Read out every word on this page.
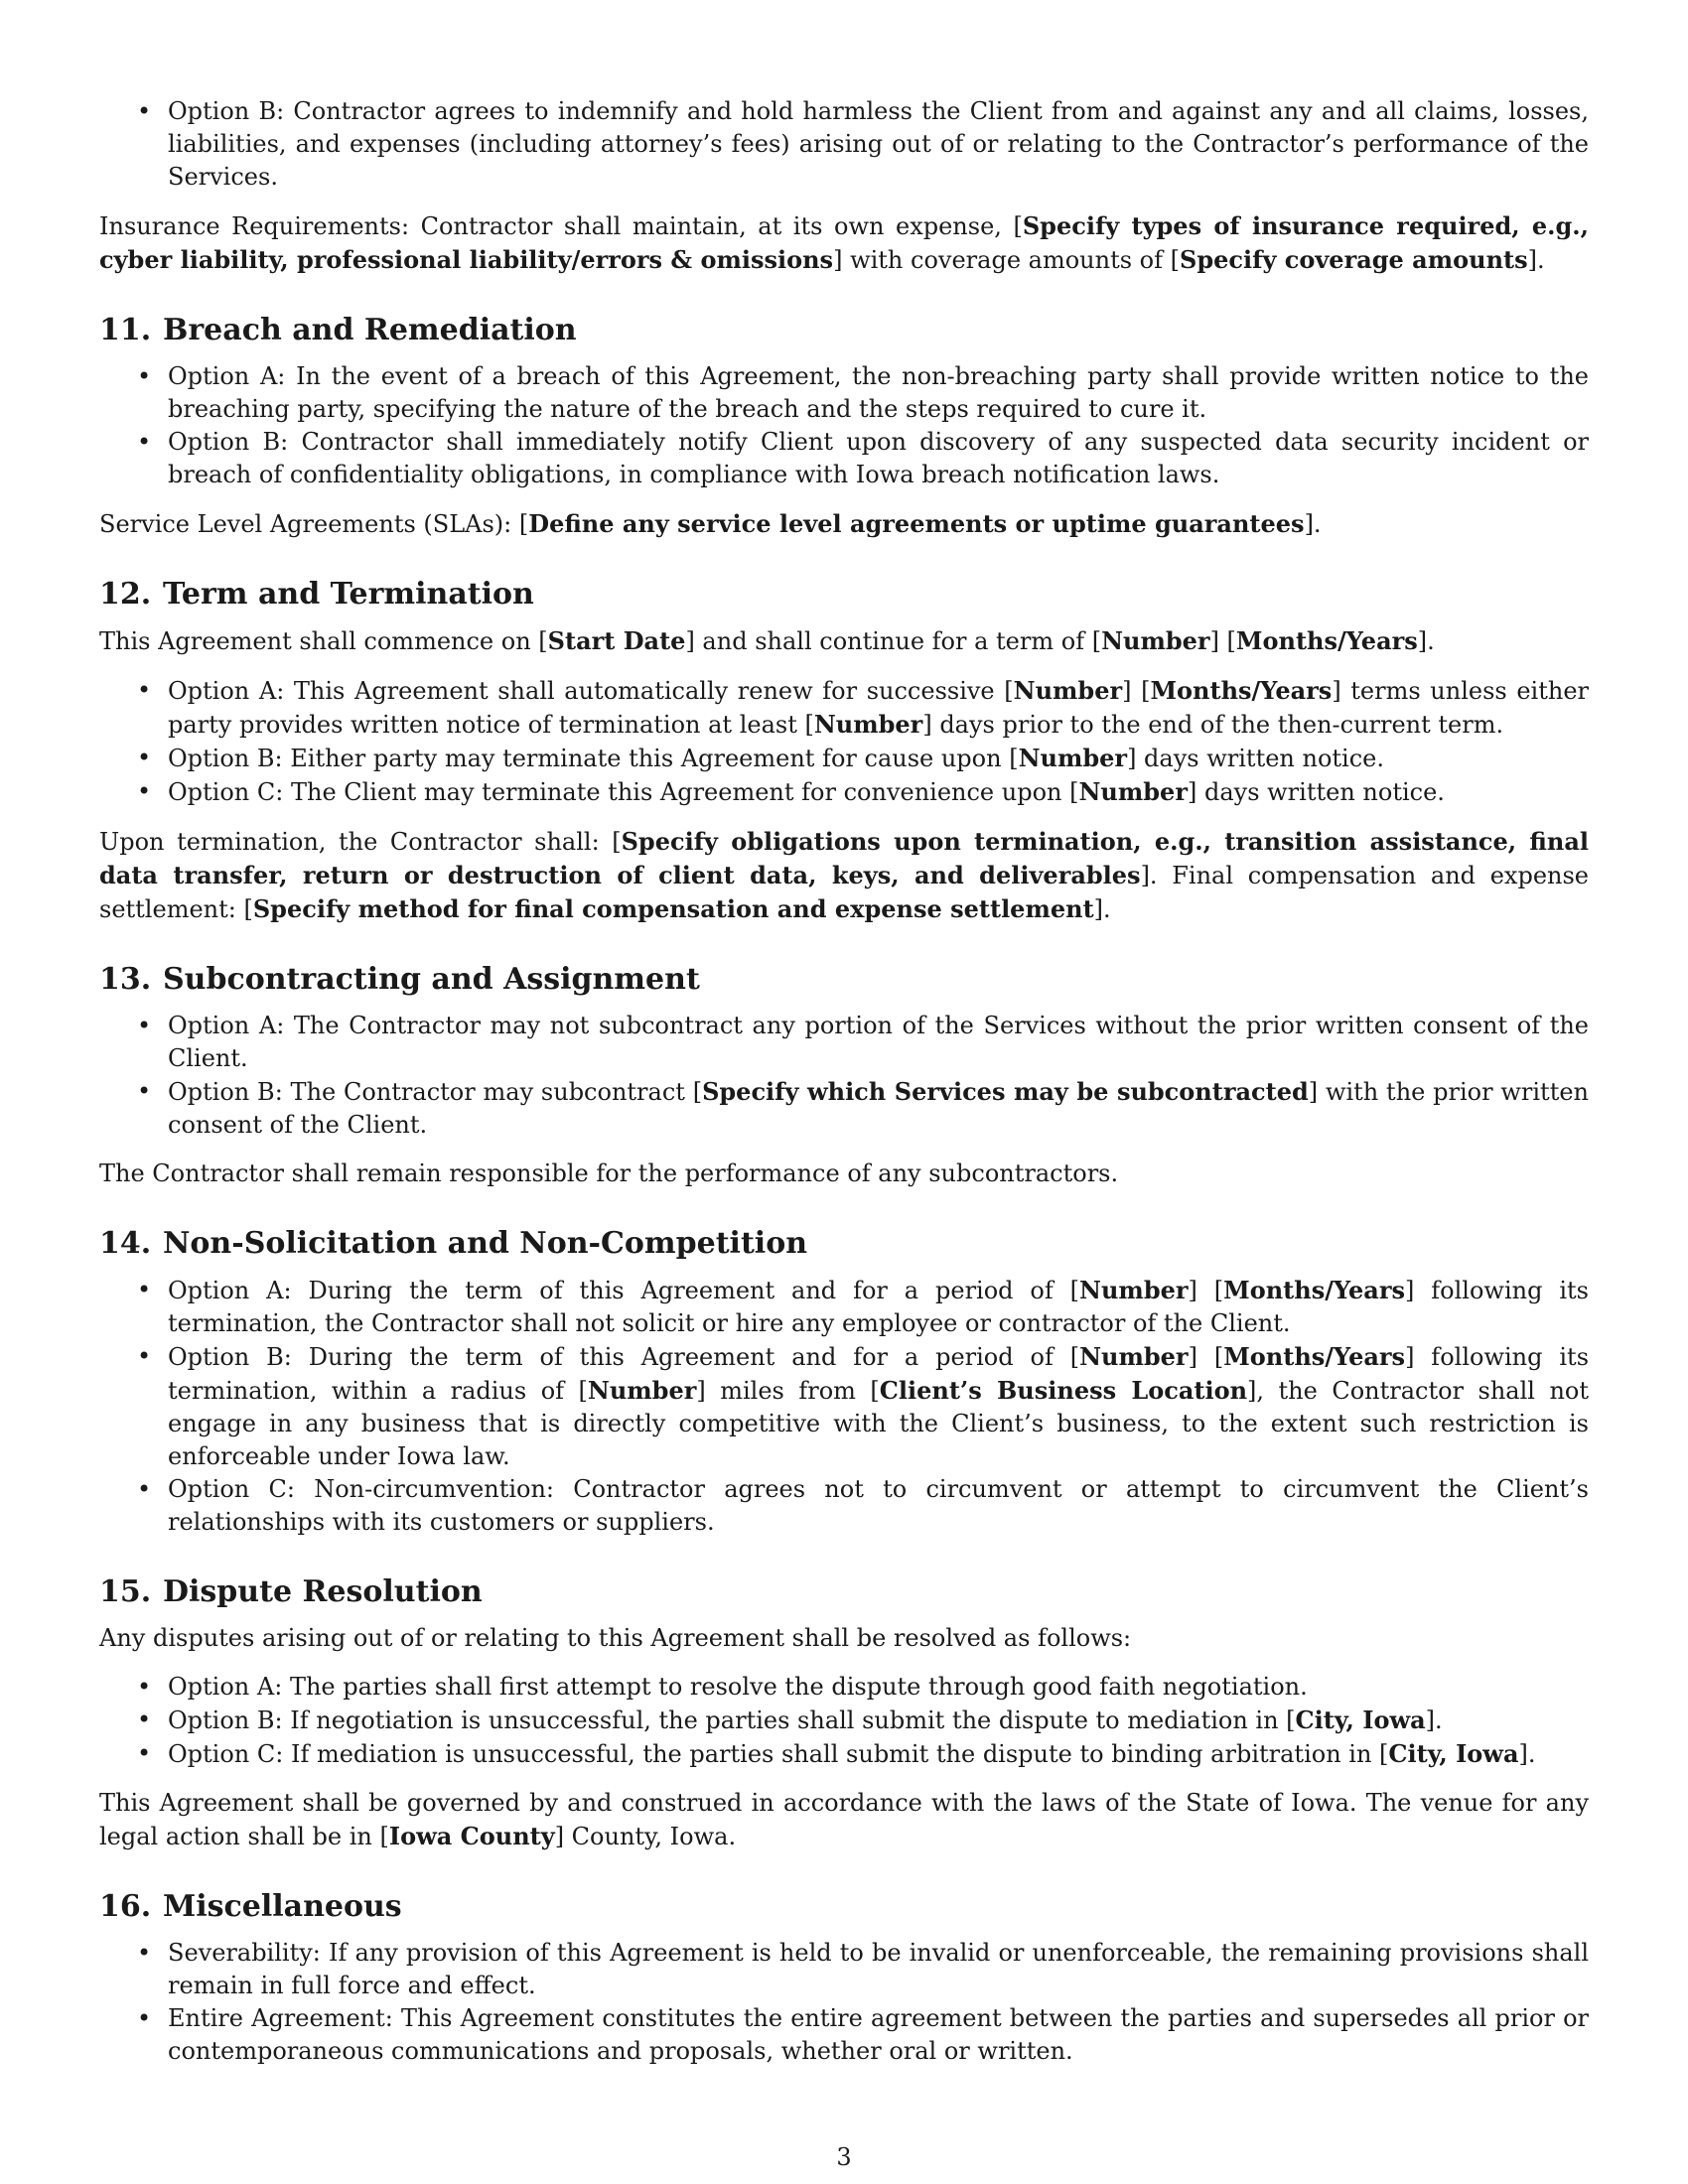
• Option B: Contractor agrees to indemnify and hold harmless the Client from and against any and all claims, losses, liabilities, and expenses (including attorney’s fees) arising out of or relating to the Contractor’s performance of the Services.

Insurance Requirements: Contractor shall maintain, at its own expense, [Specify types of insurance required, e.g., cyber liability, professional liability/errors & omissions] with coverage amounts of [Specify coverage amounts].

11. Breach and Remediation
• Option A: In the event of a breach of this Agreement, the non-breaching party shall provide written notice to the breaching party, specifying the nature of the breach and the steps required to cure it.
• Option B: Contractor shall immediately notify Client upon discovery of any suspected data security incident or breach of confidentiality obligations, in compliance with Iowa breach notification laws.

Service Level Agreements (SLAs): [Define any service level agreements or uptime guarantees].

12. Term and Termination

This Agreement shall commence on [Start Date] and shall continue for a term of [Number] [Months/Years].

• Option A: This Agreement shall automatically renew for successive [Number] [Months/Years] terms unless either party provides written notice of termination at least [Number] days prior to the end of the then-current term.
• Option B: Either party may terminate this Agreement for cause upon [Number] days written notice.
• Option C: The Client may terminate this Agreement for convenience upon [Number] days written notice.

Upon termination, the Contractor shall: [Specify obligations upon termination, e.g., transition assistance, final data transfer, return or destruction of client data, keys, and deliverables]. Final compensation and expense settlement: [Specify method for final compensation and expense settlement].

13. Subcontracting and Assignment
• Option A: The Contractor may not subcontract any portion of the Services without the prior written consent of the Client.
• Option B: The Contractor may subcontract [Specify which Services may be subcontracted] with the prior written consent of the Client.

The Contractor shall remain responsible for the performance of any subcontractors.

14. Non-Solicitation and Non-Competition
• Option A: During the term of this Agreement and for a period of [Number] [Months/Years] following its termination, the Contractor shall not solicit or hire any employee or contractor of the Client.
• Option B: During the term of this Agreement and for a period of [Number] [Months/Years] following its termination, within a radius of [Number] miles from [Client’s Business Location], the Contractor shall not engage in any business that is directly competitive with the Client’s business, to the extent such restriction is enforceable under Iowa law.
• Option C: Non-circumvention: Contractor agrees not to circumvent or attempt to circumvent the Client’s relationships with its customers or suppliers.
15. Dispute Resolution

Any disputes arising out of or relating to this Agreement shall be resolved as follows:

• Option A: The parties shall first attempt to resolve the dispute through good faith negotiation.
• Option B: If negotiation is unsuccessful, the parties shall submit the dispute to mediation in [City, Iowa].
• Option C: If mediation is unsuccessful, the parties shall submit the dispute to binding arbitration in [City, Iowa].

This Agreement shall be governed by and construed in accordance with the laws of the State of Iowa. The venue for any legal action shall be in [Iowa County] County, Iowa.

16. Miscellaneous
• Severability: If any provision of this Agreement is held to be invalid or unenforceable, the remaining provisions shall remain in full force and effect.
• Entire Agreement: This Agreement constitutes the entire agreement between the parties and supersedes all prior or contemporaneous communications and proposals, whether oral or written.
3
